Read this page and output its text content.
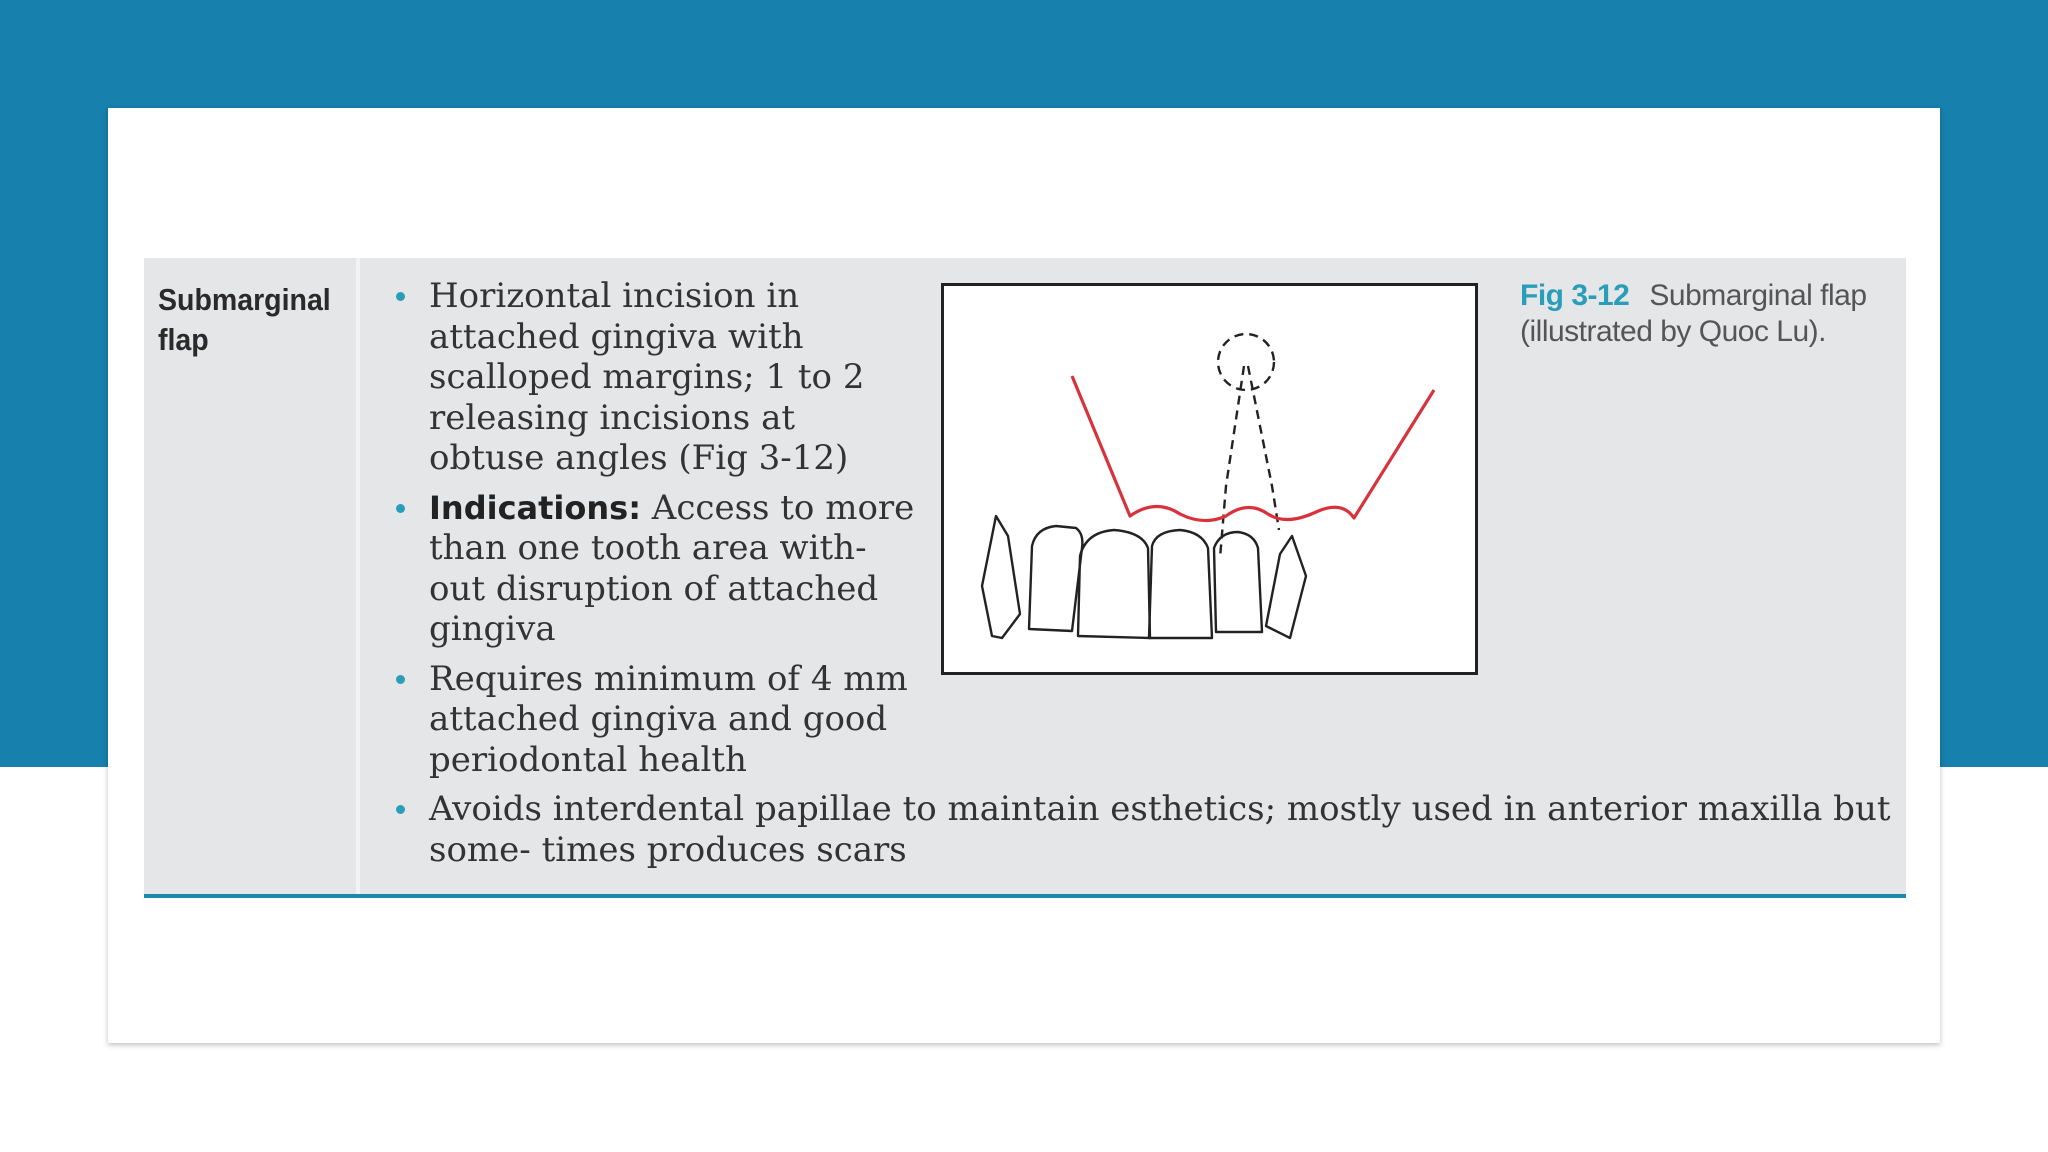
Submarginal flap
Horizontal incision in attached gingiva with scalloped margins; 1 to 2 releasing incisions at obtuse angles (Fig 3-12)
Indications: Access to more than one tooth area with- out disruption of attached gingiva
Requires minimum of 4 mm attached gingiva and good periodontal health
Avoids interdental papillae to maintain esthetics; mostly used in anterior maxilla but some- times produces scars
Fig 3-12 Submarginal flap (illustrated by Quoc Lu).
